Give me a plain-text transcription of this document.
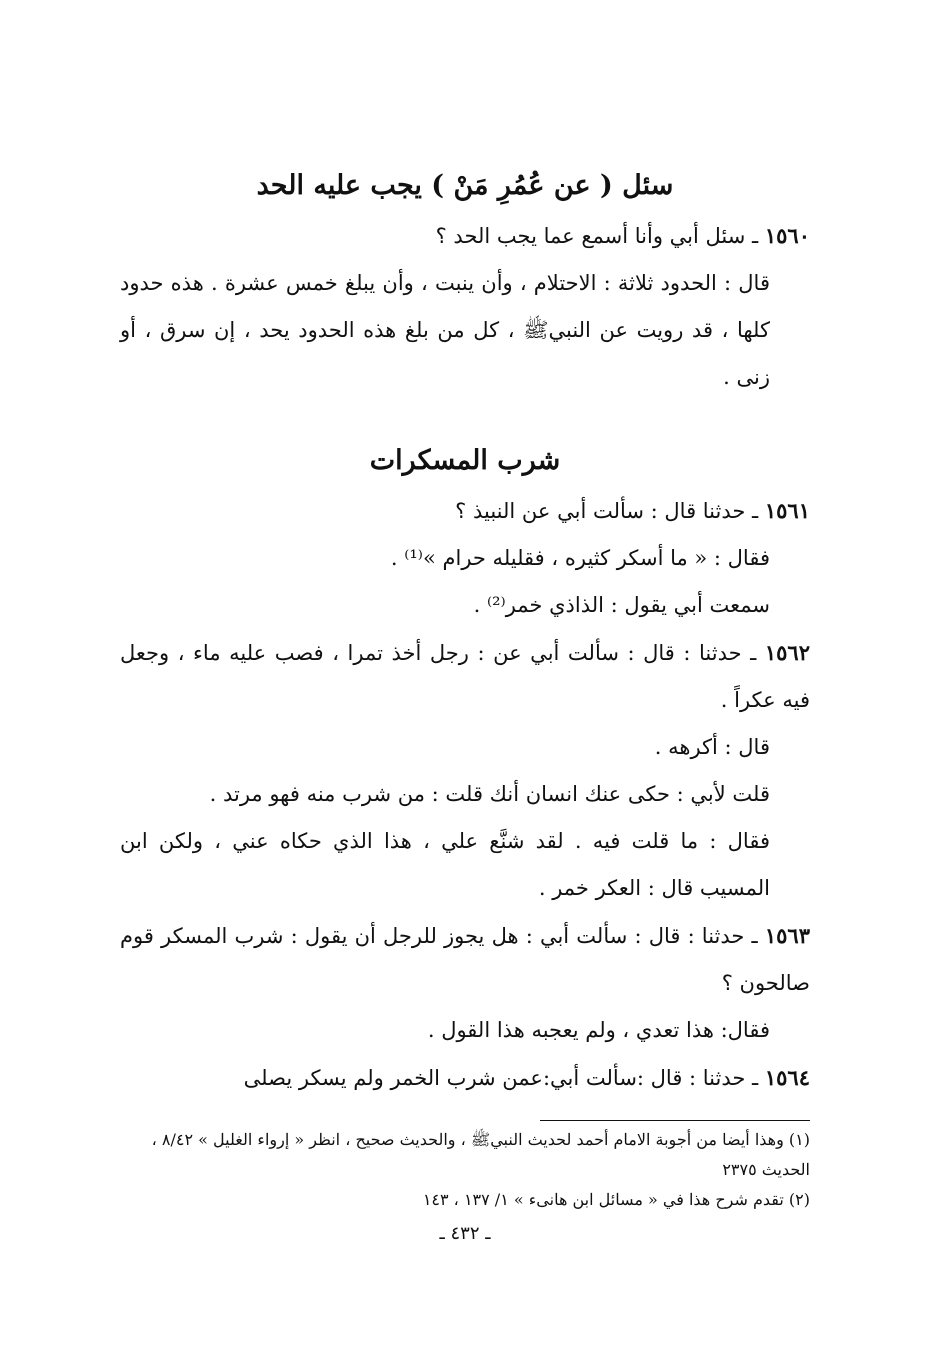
سئل ( عن عُمُرِ مَنْ ) يجب عليه الحد

١٥٦٠ ـ سئل أبي وأنا أسمع عما يجب الحد ؟

قال : الحدود ثلاثة : الاحتلام ، وأن ينبت ، وأن يبلغ خمس عشرة . هذه حدود كلها ، قد رويت عن النبيﷺ ، كل من بلغ هذه الحدود يحد ، إن سرق ، أو زنى .

شرب المسكرات

١٥٦١ ـ حدثنا قال : سألت أبي عن النبيذ ؟

فقال : « ما أسكر كثيره ، فقليله حرام »⁽¹⁾ .

سمعت أبي يقول : الذاذي خمر⁽²⁾ .

١٥٦٢ ـ حدثنا : قال : سألت أبي عن : رجل أخذ تمرا ، فصب عليه ماء ، وجعل فيه عكراً .

قال : أكرهه .

قلت لأبي : حكى عنك انسان أنك قلت : من شرب منه فهو مرتد .

فقال : ما قلت فيه . لقد شنَّع علي ، هذا الذي حكاه عني ، ولكن ابن المسيب قال : العكر خمر .

١٥٦٣ ـ حدثنا : قال : سألت أبي : هل يجوز للرجل أن يقول : شرب المسكر قوم صالحون ؟

فقال: هذا تعدي ، ولم يعجبه هذا القول .

١٥٦٤ ـ حدثنا : قال :سألت أبي:عمن شرب الخمر ولم يسكر يصلى

(١) وهذا أيضا من أجوبة الامام أحمد لحديث النبيﷺ ، والحديث صحيح ، انظر « إرواء الغليل » ٨/٤٢ ، الحديث ٢٣٧٥

(٢) تقدم شرح هذا في « مسائل ابن هانىء » ١/ ١٣٧ ، ١٤٣

ـ ٤٣٢ ـ
